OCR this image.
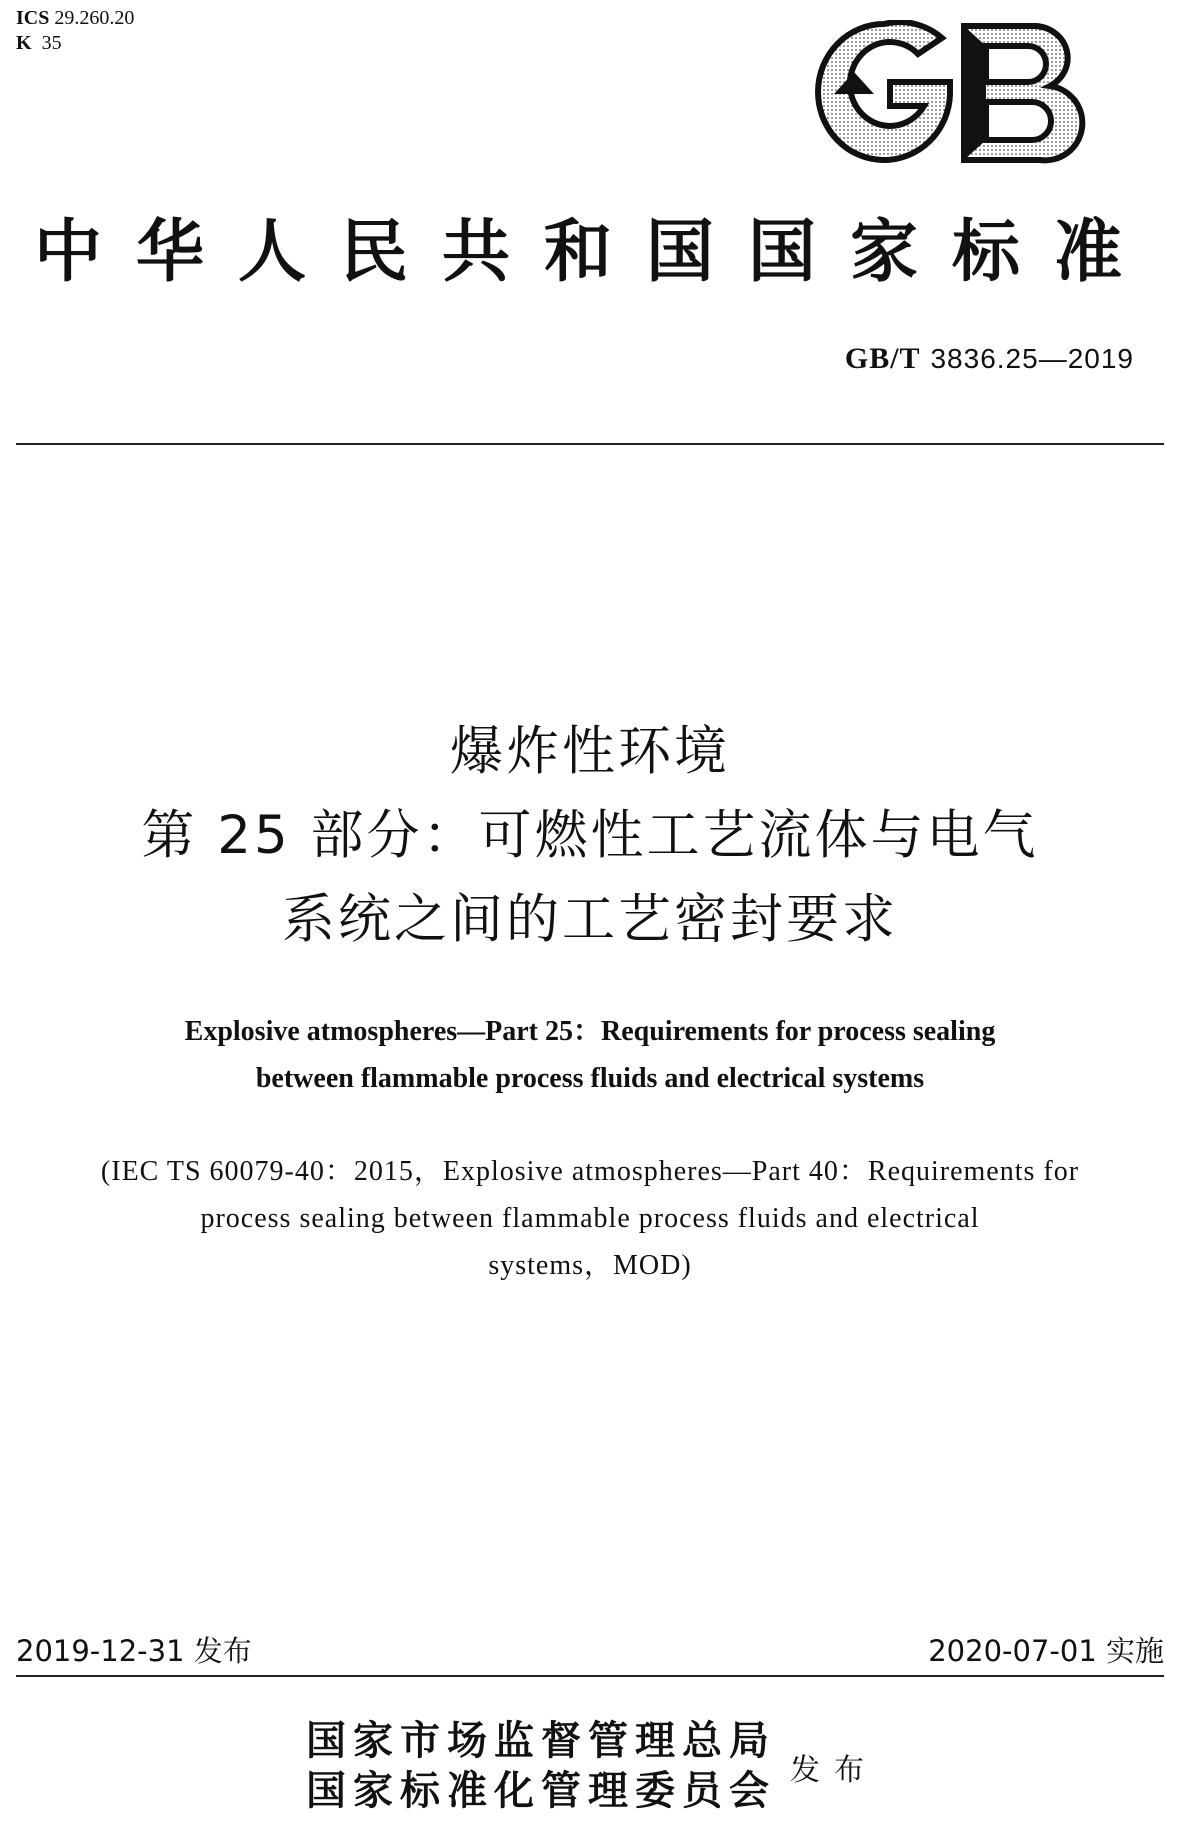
ICS 29.260.20
K 35
中华人民共和国国家标准
GB/T 3836.25—2019
爆炸性环境
第 25 部分：可燃性工艺流体与电气
系统之间的工艺密封要求
Explosive atmospheres—Part 25：Requirements for process sealing
between flammable process fluids and electrical systems
(IEC TS 60079-40：2015，Explosive atmospheres—Part 40：Requirements for
process sealing between flammable process fluids and electrical
systems，MOD)
2019-12-31 发布	2020-07-01 实施
国家市场监督管理总局
国家标准化管理委员会 发布
